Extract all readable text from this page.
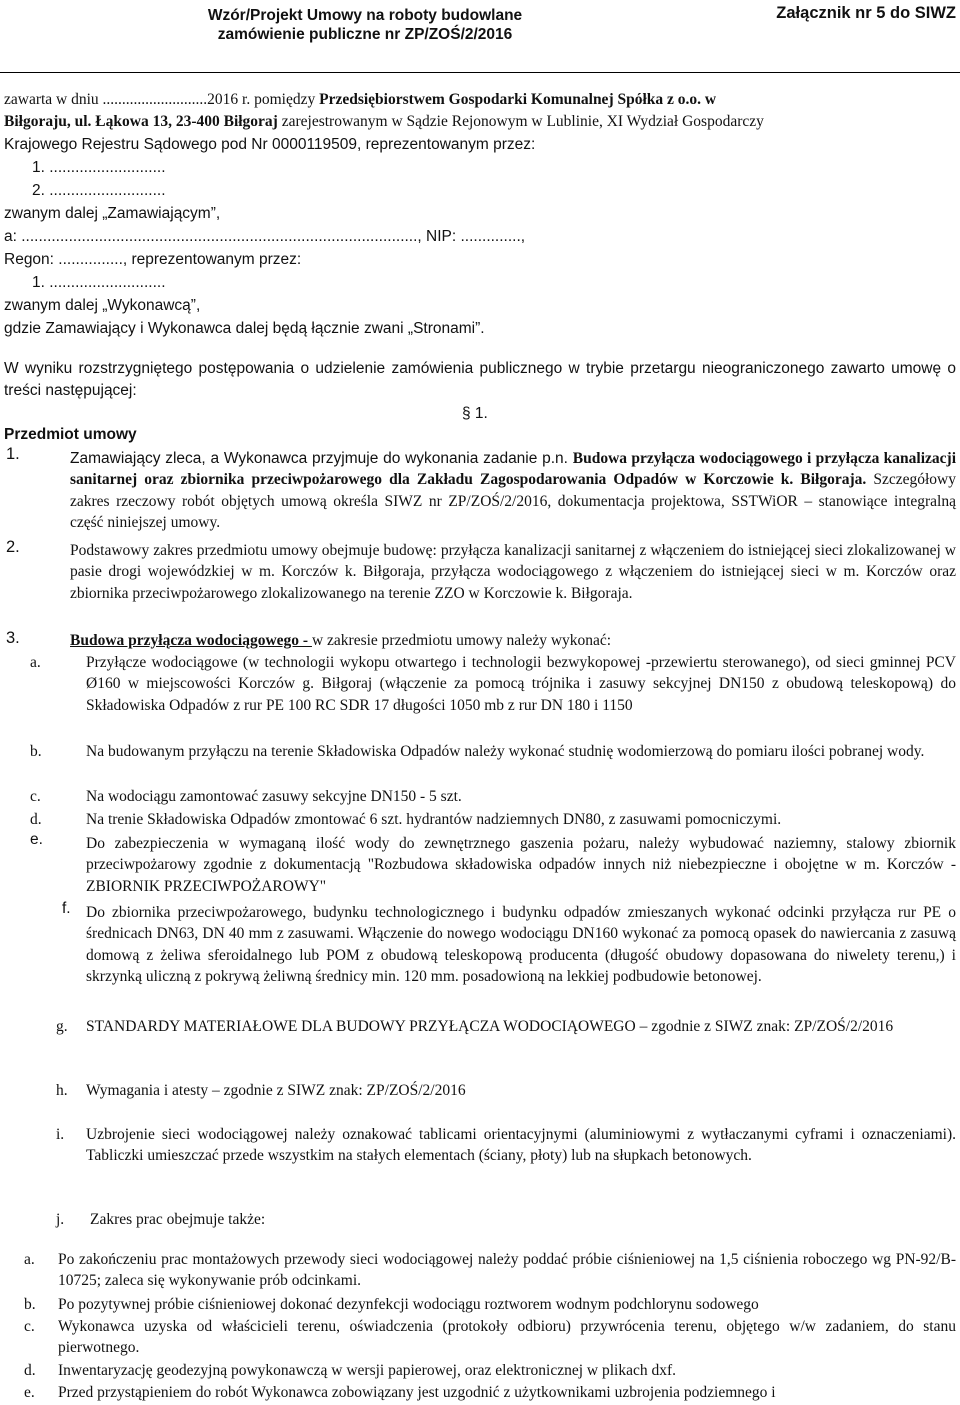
Wzór/Projekt Umowy na roboty budowlane
zamówienie publiczne nr ZP/ZOŚ/2/2016
Załącznik nr 5 do SIWZ
zawarta w dniu ...........................2016 r. pomiędzy Przedsiębiorstwem Gospodarki Komunalnej Spółka z o.o. w
Biłgoraju, ul. Łąkowa 13, 23-400 Biłgoraj zarejestrowanym w Sądzie Rejonowym w Lublinie, XI Wydział Gospodarczy
Krajowego Rejestru Sądowego pod Nr 0000119509, reprezentowanym przez:
1. ...........................
2. ...........................
zwanym dalej „Zamawiającym”,
a: ............................................................................................, NIP: ..............,
Regon: ..............., reprezentowanym przez:
1. ...........................
zwanym dalej „Wykonawcą”,
gdzie Zamawiający i Wykonawca dalej będą łącznie zwani „Stronami”.
W wyniku rozstrzygniętego postępowania o udzielenie zamówienia publicznego w trybie przetargu nieograniczonego zawarto umowę o treści następującej:
§ 1.
Przedmiot umowy
1.	Zamawiający zleca, a Wykonawca przyjmuje do wykonania zadanie p.n. Budowa przyłącza wodociągowego i przyłącza kanalizacji sanitarnej oraz zbiornika przeciwpożarowego dla Zakładu Zagospodarowania Odpadów w Korczowie k. Biłgoraja. Szczegółowy zakres rzeczowy robót objętych umową określa SIWZ nr ZP/ZOŚ/2/2016, dokumentacja projektowa, SSTWiOR – stanowiące integralną część niniejszej umowy.
2.	Podstawowy zakres przedmiotu umowy obejmuje budowę: przyłącza kanalizacji sanitarnej z włączeniem do istniejącej sieci zlokalizowanej w pasie drogi wojewódzkiej w m. Korczów k. Biłgoraja, przyłącza wodociągowego z włączeniem do istniejącej sieci w m. Korczów oraz zbiornika przeciwpożarowego zlokalizowanego na terenie ZZO w Korczowie k. Biłgoraja.
3.	Budowa przyłącza wodociągowego - w zakresie przedmiotu umowy należy wykonać:
a.	Przyłącze wodociągowe (w technologii wykopu otwartego i technologii bezwykopowej -przewiertu sterowanego), od sieci gminnej PCV Ø160 w miejscowości Korczów g. Biłgoraj (włączenie za pomocą trójnika i zasuwy sekcyjnej DN150 z obudową teleskopową) do Składowiska Odpadów z rur PE 100 RC SDR 17 długości 1050 mb z rur DN 180 i 1150
b.	Na budowanym przyłączu na terenie Składowiska Odpadów należy wykonać studnię wodomierzową do pomiaru ilości pobranej wody.
c.	Na wodociągu zamontować zasuwy sekcyjne DN150 - 5 szt.
d.	Na trenie Składowiska Odpadów zmontować 6 szt. hydrantów nadziemnych DN80, z zasuwami pomocniczymi.
e.	Do zabezpieczenia w wymaganą ilość wody do zewnętrznego gaszenia pożaru, należy wybudować naziemny, stalowy zbiornik przeciwpożarowy zgodnie z dokumentacją "Rozbudowa składowiska odpadów innych niż niebezpieczne i obojętne w m. Korczów - ZBIORNIK PRZECIWPOŻAROWY"
f. Do zbiornika przeciwpożarowego, budynku technologicznego i budynku odpadów zmieszanych wykonać odcinki przyłącza rur PE o średnicach DN63, DN 40 mm z zasuwami. Włączenie do nowego wodociągu DN160 wykonać za pomocą opasek do nawiercania z zasuwą domową z żeliwa sferoidalnego lub POM z obudową teleskopową producenta (długość obudowy dopasowana do niwelety terenu,) i skrzynką uliczną z pokrywą żeliwną średnicy min. 120 mm. posadowioną na lekkiej podbudowie betonowej.
g. STANDARDY MATERIAŁOWE DLA BUDOWY PRZYŁĄCZA WODOCIĄOWEGO – zgodnie z SIWZ znak: ZP/ZOŚ/2/2016
h. Wymagania i atesty – zgodnie z SIWZ znak: ZP/ZOŚ/2/2016
i. Uzbrojenie sieci wodociągowej należy oznakować tablicami orientacyjnymi (aluminiowymi z wytłaczanymi cyframi i oznaczeniami). Tabliczki umieszczać przede wszystkim na stałych elementach (ściany, płoty) lub na słupkach betonowych.
j. Zakres prac obejmuje także:
a. Po zakończeniu prac montażowych przewody sieci wodociągowej należy poddać próbie ciśnieniowej na 1,5 ciśnienia roboczego wg PN-92/B-10725; zaleca się wykonywanie prób odcinkami.
b. Po pozytywnej próbie ciśnieniowej dokonać dezynfekcji wodociągu roztworem wodnym podchlorynu sodowego
c. Wykonawca uzyska od właścicieli terenu, oświadczenia (protokoły odbioru) przywrócenia terenu, objętego w/w zadaniem, do stanu pierwotnego.
d. Inwentaryzację geodezyjną powykonawczą w wersji papierowej, oraz elektronicznej w plikach dxf.
e. Przed przystąpieniem do robót Wykonawca zobowiązany jest uzgodnić z użytkownikami uzbrojenia podziemnego i
